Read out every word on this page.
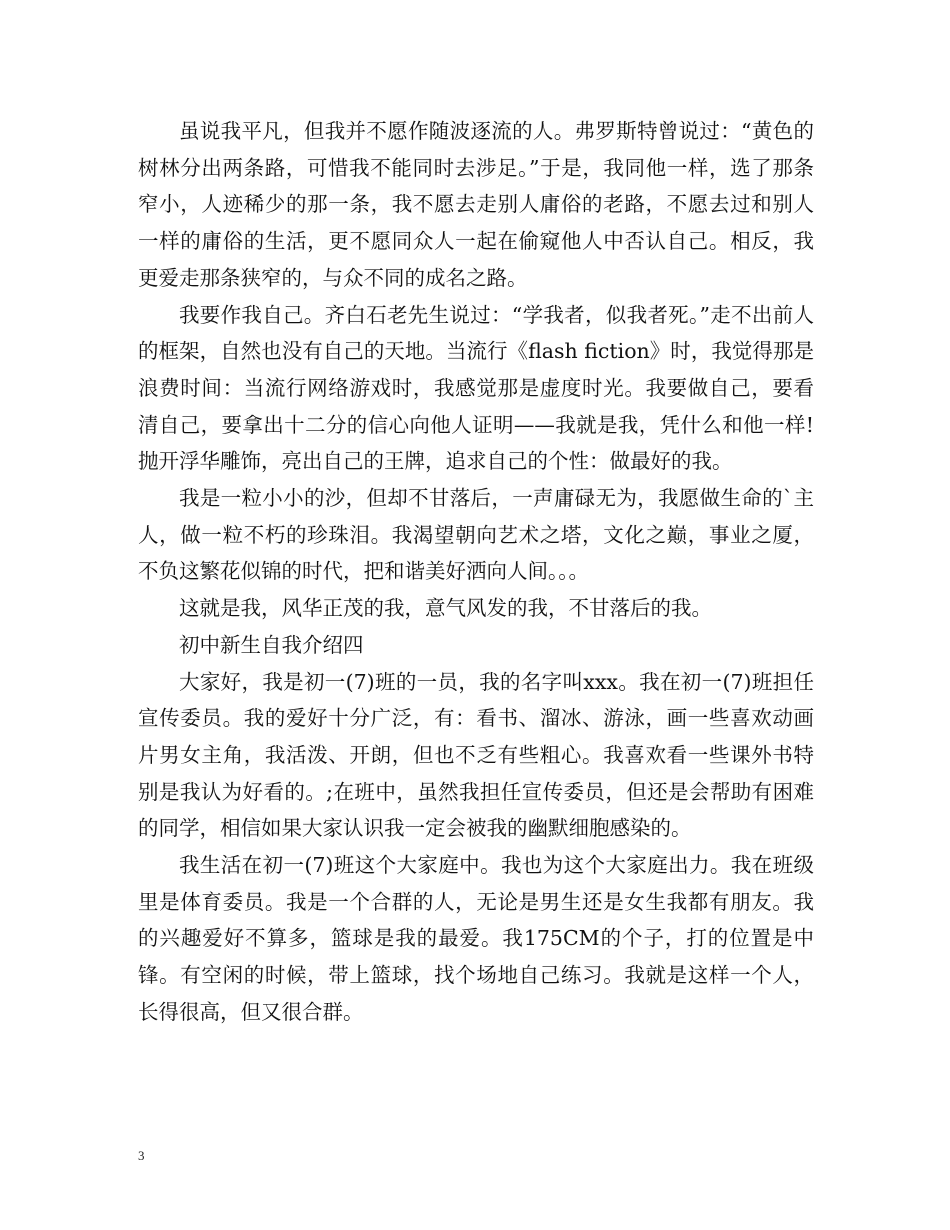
虽说我平凡，但我并不愿作随波逐流的人。弗罗斯特曾说过：“黄色的树林分出两条路，可惜我不能同时去涉足。”于是，我同他一样，选了那条窄小，人迹稀少的那一条，我不愿去走别人庸俗的老路，不愿去过和别人一样的庸俗的生活，更不愿同众人一起在偷窥他人中否认自己。相反，我更爱走那条狭窄的，与众不同的成名之路。

我要作我自己。齐白石老先生说过：“学我者，似我者死。”走不出前人的框架，自然也没有自己的天地。当流行《flash fiction》时，我觉得那是浪费时间：当流行网络游戏时，我感觉那是虚度时光。我要做自己，要看清自己，要拿出十二分的信心向他人证明——我就是我，凭什么和他一样!抛开浮华雕饰，亮出自己的王牌，追求自己的个性：做最好的我。

我是一粒小小的沙，但却不甘落后，一声庸碌无为，我愿做生命的`主人，做一粒不朽的珍珠泪。我渴望朝向艺术之塔，文化之巅，事业之厦，不负这繁花似锦的时代，把和谐美好洒向人间。。。

这就是我，风华正茂的我，意气风发的我，不甘落后的我。

初中新生自我介绍四

大家好，我是初一(7)班的一员，我的名字叫xxx。我在初一(7)班担任宣传委员。我的爱好十分广泛，有：看书、溜冰、游泳，画一些喜欢动画片男女主角，我活泼、开朗，但也不乏有些粗心。我喜欢看一些课外书特别是我认为好看的。;在班中，虽然我担任宣传委员，但还是会帮助有困难的同学，相信如果大家认识我一定会被我的幽默细胞感染的。

我生活在初一(7)班这个大家庭中。我也为这个大家庭出力。我在班级里是体育委员。我是一个合群的人，无论是男生还是女生我都有朋友。我的兴趣爱好不算多，篮球是我的最爱。我175CM的个子，打的位置是中锋。有空闲的时候，带上篮球，找个场地自己练习。我就是这样一个人，长得很高，但又很合群。

3
